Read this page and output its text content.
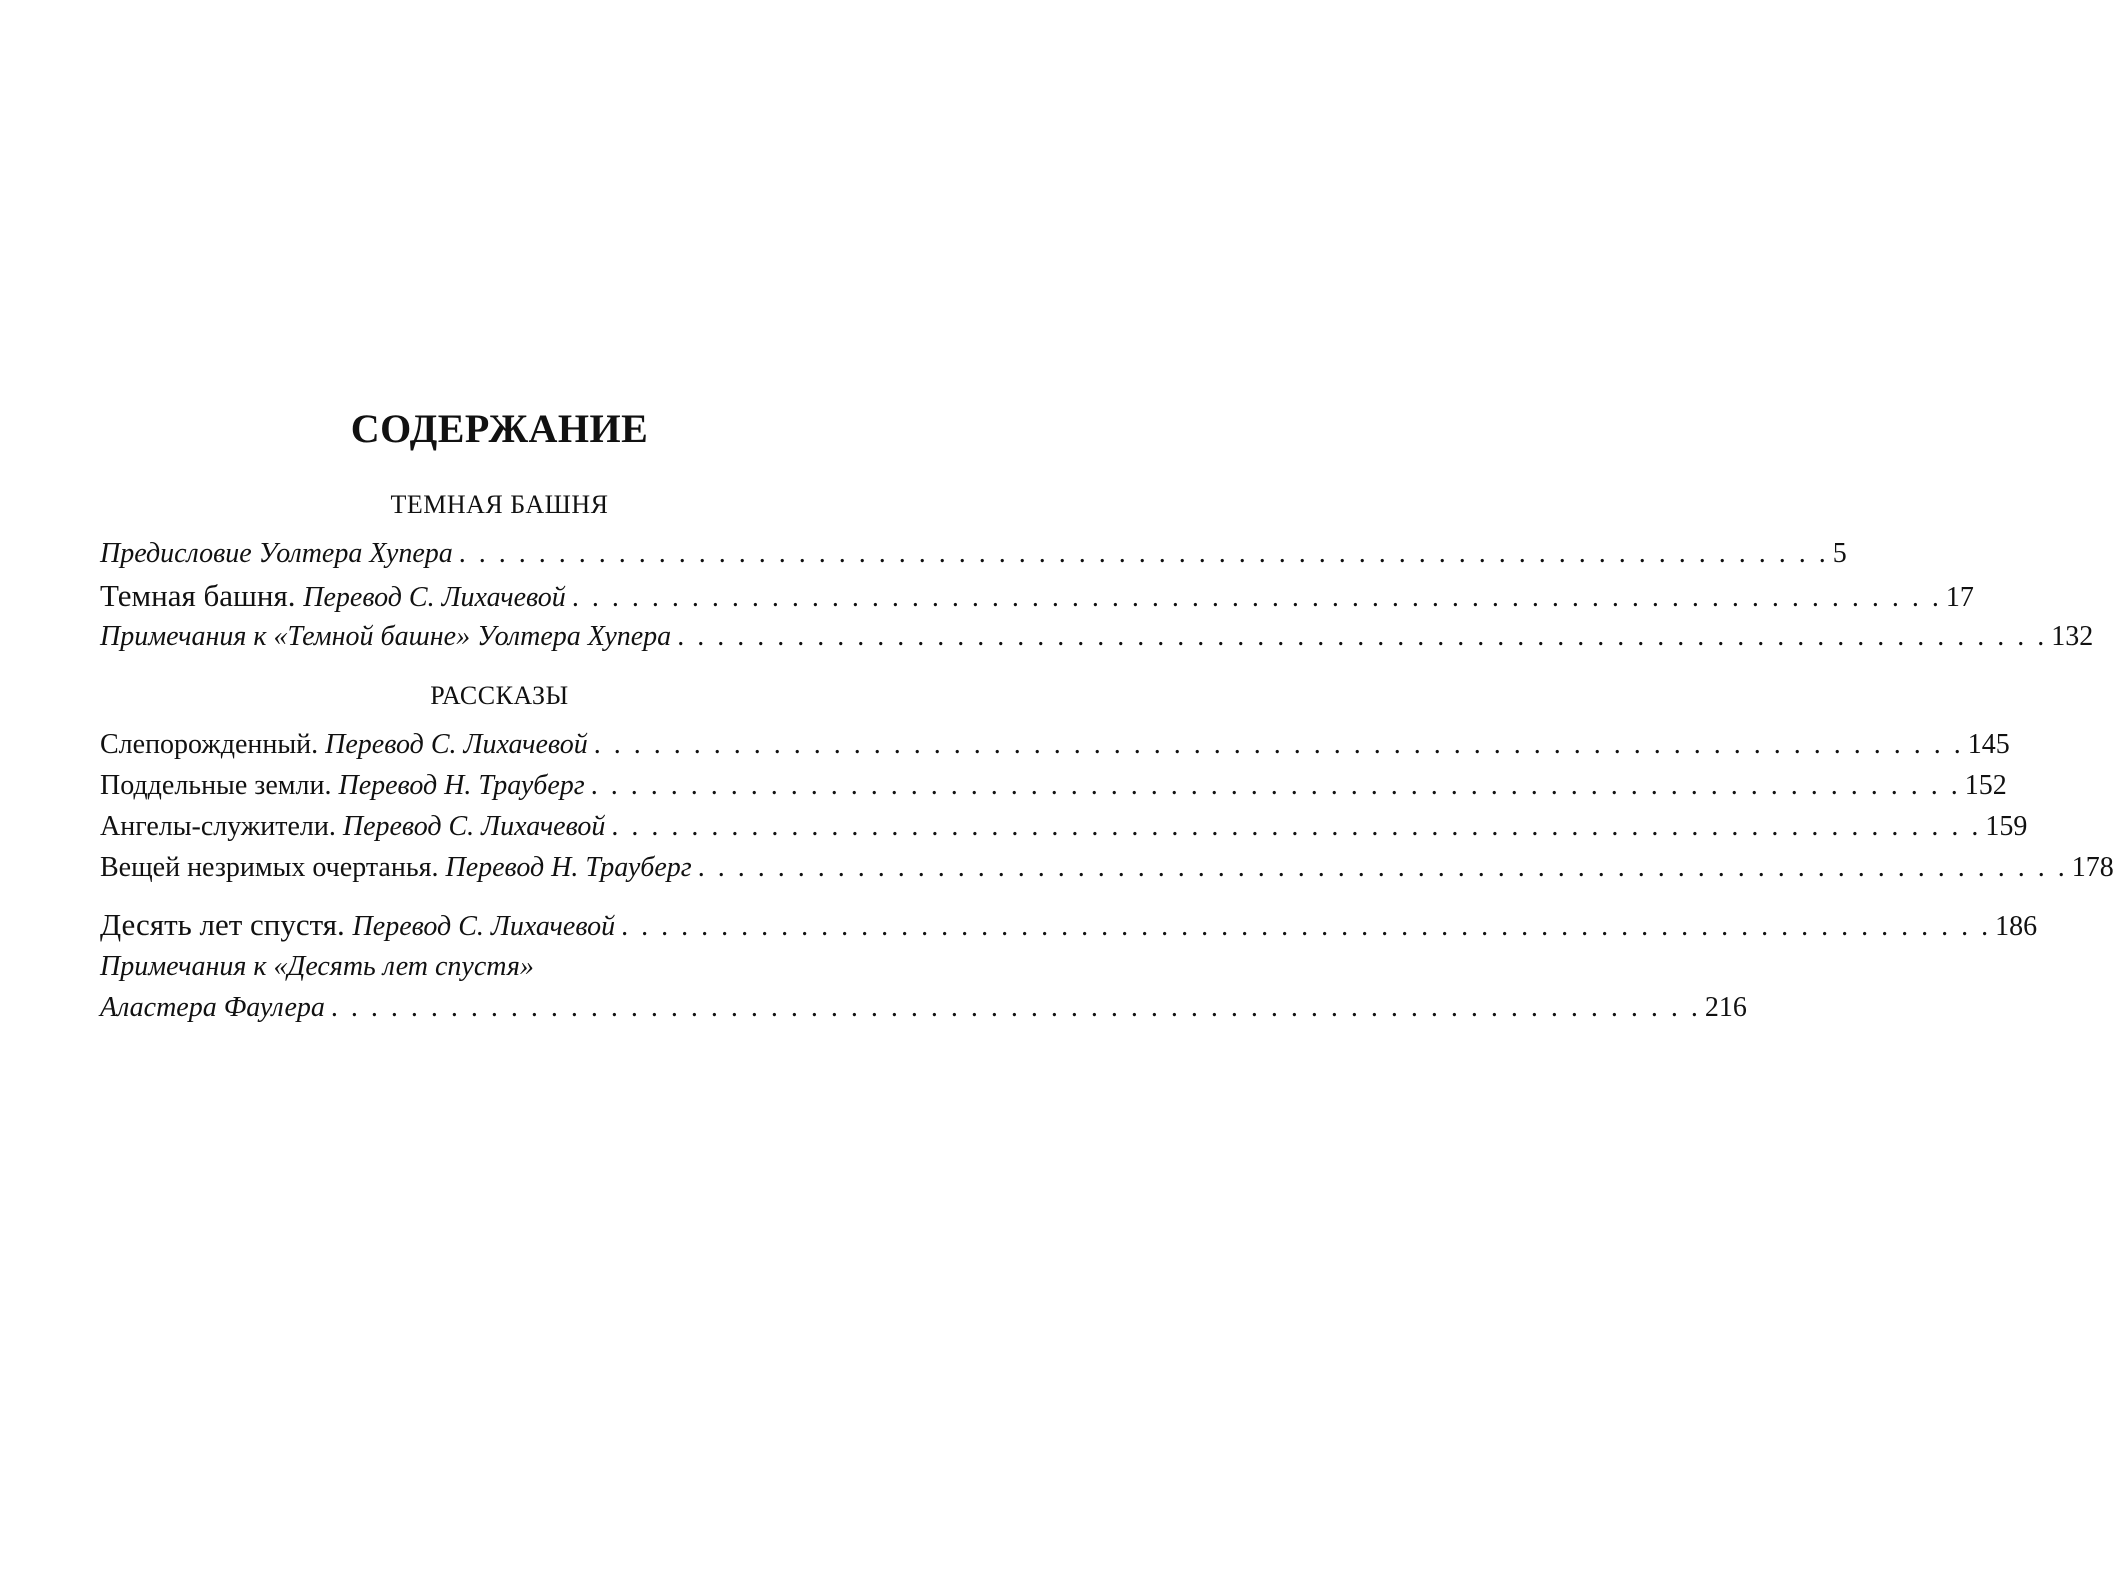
СОДЕРЖАНИЕ
ТЕМНАЯ БАШНЯ
Предисловие Уолтера Хупера . . . . . . . . . . . . . . . . . . . . . . . . . . . . . . . . . . . . . . . . . . . . . . . . . . . . . . . . . . . . . . . . . . . . . 5
Темная башня. Перевод С. Лихачевой . . . . . . . . . . . . . . . . . . . . . . . . . . . . . . . . . . . . . . . . . . . . . . . . . . . . . . . . . . . . . . . . . . . . . 17
Примечания к «Темной башне» Уолтера Хупера . . . . . . . . . . . . . . . . . . . . . . . . . . . . . . . . . . . . . . . . . . . . . . . . . . . . . . . . . . . . . . . . . . . . . 132
Слепорожденный. Перевод С. Лихачевой . . . . . . . . . . . . . . . . . . . . . . . . . . . . . . . . . . . . . . . . . . . . . . . . . . . . . . . . . . . . . . . . . . . . . 145
Поддельные земли. Перевод Н. Трауберг . . . . . . . . . . . . . . . . . . . . . . . . . . . . . . . . . . . . . . . . . . . . . . . . . . . . . . . . . . . . . . . . . . . . . 152
Ангелы-служители. Перевод С. Лихачевой . . . . . . . . . . . . . . . . . . . . . . . . . . . . . . . . . . . . . . . . . . . . . . . . . . . . . . . . . . . . . . . . . . . . . 159
Вещей незримых очертанья. Перевод Н. Трауберг . . . . . . . . . . . . . . . . . . . . . . . . . . . . . . . . . . . . . . . . . . . . . . . . . . . . . . . . . . . . . . . . . . . . . 178
Десять лет спустя. Перевод С. Лихачевой . . . . . . . . . . . . . . . . . . . . . . . . . . . . . . . . . . . . . . . . . . . . . . . . . . . . . . . . . . . . . . . . . . . . . 186
Примечания к «Десять лет спустя»
Аластера Фаулера . . . . . . . . . . . . . . . . . . . . . . . . . . . . . . . . . . . . . . . . . . . . . . . . . . . . . . . . . . . . . . . . . . . . . 216
РАССКАЗЫ
